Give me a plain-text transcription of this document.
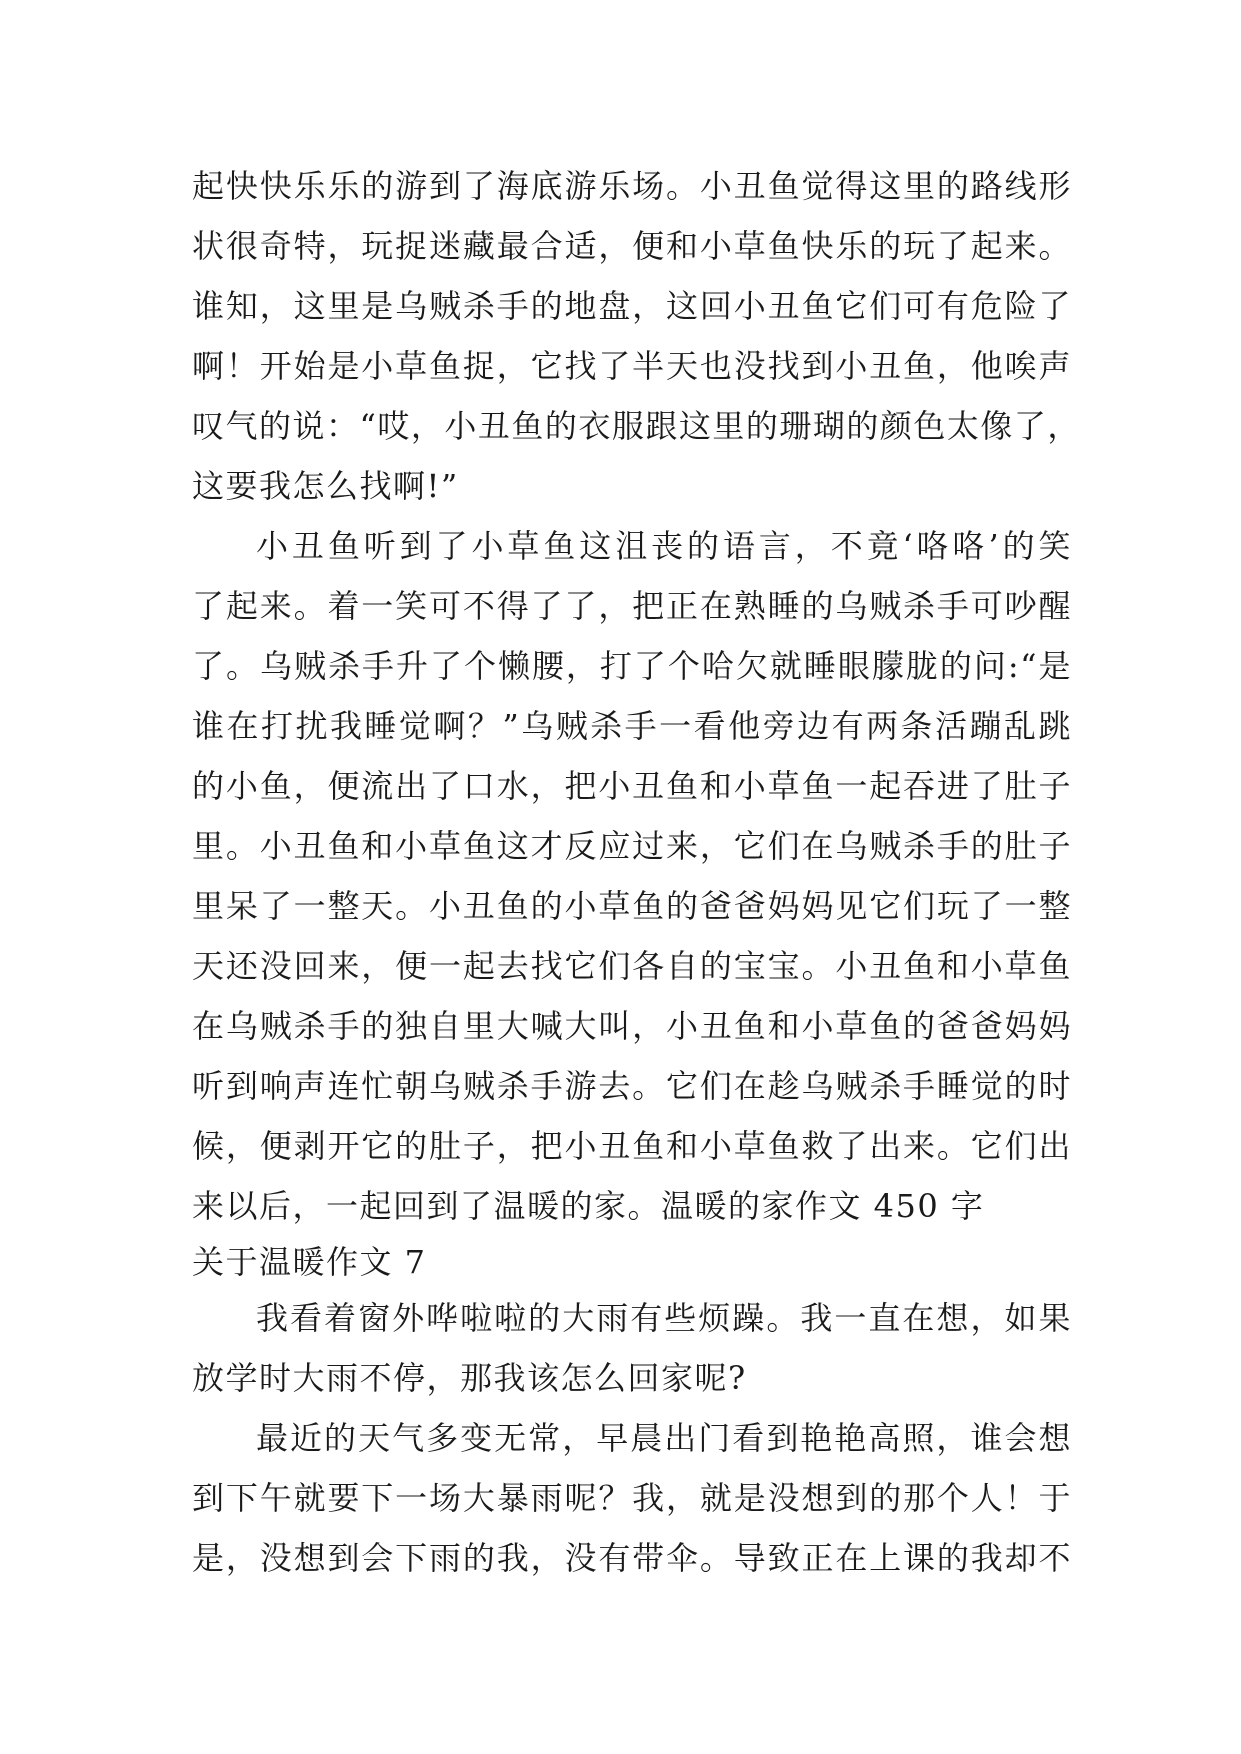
起快快乐乐的游到了海底游乐场。小丑鱼觉得这里的路线形
状很奇特，玩捉迷藏最合适，便和小草鱼快乐的玩了起来。
谁知，这里是乌贼杀手的地盘，这回小丑鱼它们可有危险了
啊！开始是小草鱼捉，它找了半天也没找到小丑鱼，他唉声
叹气的说：“哎，小丑鱼的衣服跟这里的珊瑚的颜色太像了，
这要我怎么找啊!”
小丑鱼听到了小草鱼这沮丧的语言，不竟‘咯咯’的笑
了起来。着一笑可不得了了，把正在熟睡的乌贼杀手可吵醒
了。乌贼杀手升了个懒腰，打了个哈欠就睡眼朦胧的问:“是
谁在打扰我睡觉啊？”乌贼杀手一看他旁边有两条活蹦乱跳
的小鱼，便流出了口水，把小丑鱼和小草鱼一起吞进了肚子
里。小丑鱼和小草鱼这才反应过来，它们在乌贼杀手的肚子
里呆了一整天。小丑鱼的小草鱼的爸爸妈妈见它们玩了一整
天还没回来，便一起去找它们各自的宝宝。小丑鱼和小草鱼
在乌贼杀手的独自里大喊大叫，小丑鱼和小草鱼的爸爸妈妈
听到响声连忙朝乌贼杀手游去。它们在趁乌贼杀手睡觉的时
候，便剥开它的肚子，把小丑鱼和小草鱼救了出来。它们出
来以后，一起回到了温暖的家。温暖的家作文 450 字
关于温暖作文 7
我看着窗外哗啦啦的大雨有些烦躁。我一直在想，如果
放学时大雨不停，那我该怎么回家呢?
最近的天气多变无常，早晨出门看到艳艳高照，谁会想
到下午就要下一场大暴雨呢？我，就是没想到的那个人！于
是，没想到会下雨的我，没有带伞。导致正在上课的我却不
